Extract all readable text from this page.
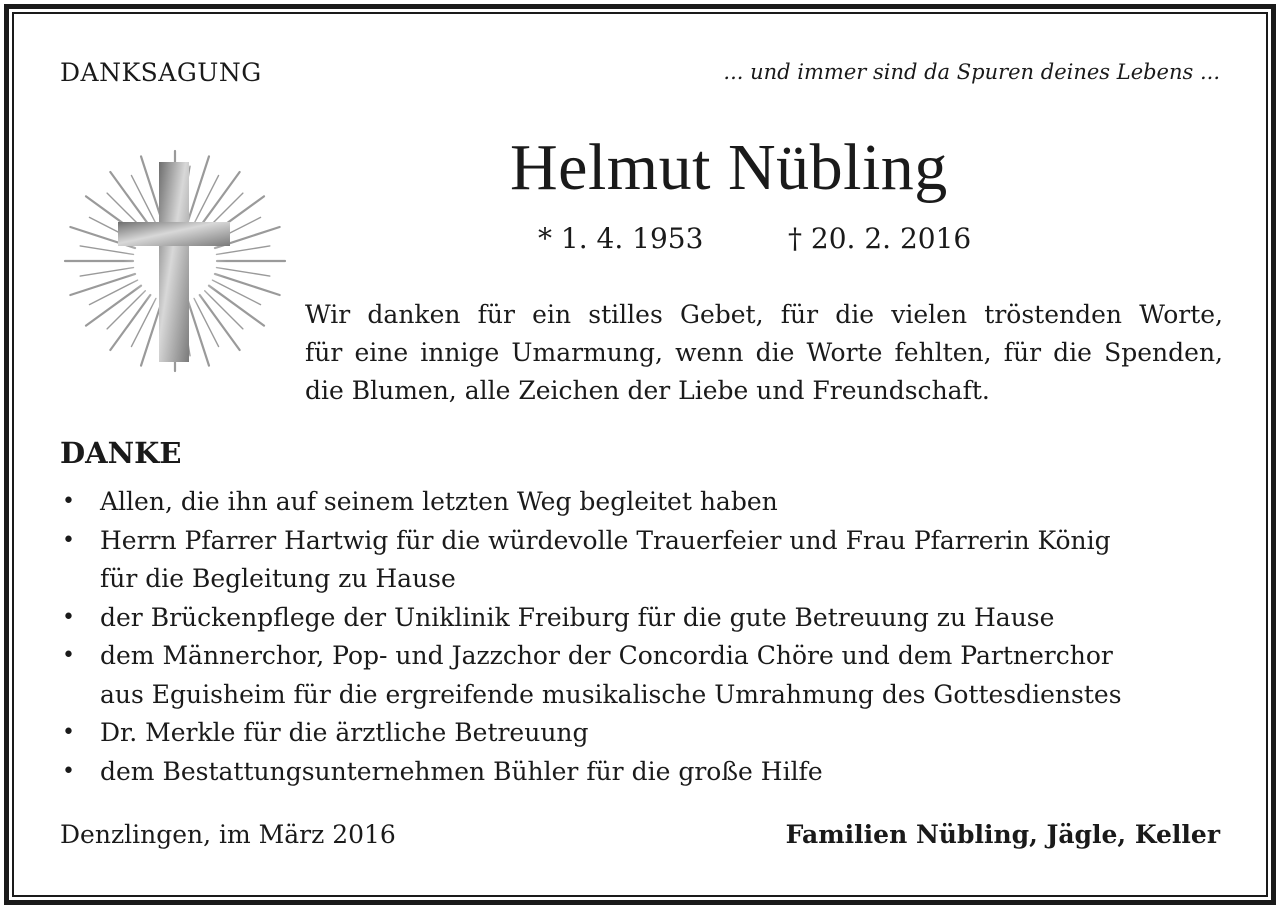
DANKSAGUNG	... und immer sind da Spuren deines Lebens ...
Helmut Nübling
* 1. 4. 1953	† 20. 2. 2016
Wir danken für ein stilles Gebet, für die vielen tröstenden Worte,
für eine innige Umarmung, wenn die Worte fehlten, für die Spenden,
die Blumen, alle Zeichen der Liebe und Freundschaft.
DANKE
• Allen, die ihn auf seinem letzten Weg begleitet haben
• Herrn Pfarrer Hartwig für die würdevolle Trauerfeier und Frau Pfarrerin König
für die Begleitung zu Hause
• der Brückenpflege der Uniklinik Freiburg für die gute Betreuung zu Hause
• dem Männerchor, Pop- und Jazzchor der Concordia Chöre und dem Partnerchor
aus Eguisheim für die ergreifende musikalische Umrahmung des Gottesdienstes
• Dr. Merkle für die ärztliche Betreuung
• dem Bestattungsunternehmen Bühler für die große Hilfe
Denzlingen, im März 2016	Familien Nübling, Jägle, Keller
